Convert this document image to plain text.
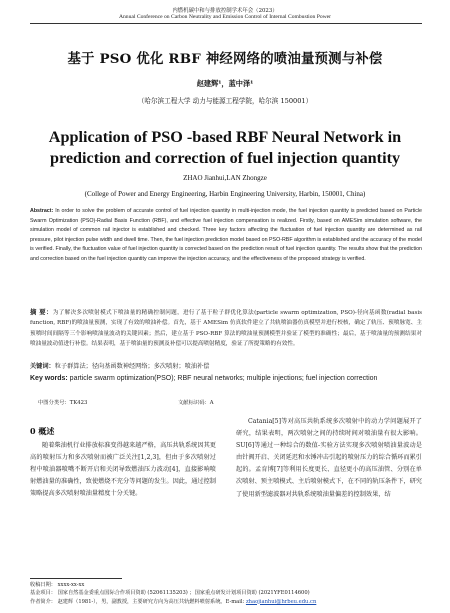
内燃机碳中和与排放控制学术年会（2023）
Annual Conference on Carbon Neutrality and Emission Control of Internal Combustion Power
基于 PSO 优化 RBF 神经网络的喷油量预测与补偿
赵建辉¹，蓝中泽¹
（哈尔滨工程大学 动力与能源工程学院，哈尔滨 150001）
Application of PSO -based RBF Neural Network in
prediction and correction of fuel injection quantity
ZHAO Jianhui,LAN Zhongze
(College of Power and Energy Engineering, Harbin Engineering University, Harbin, 150001, China)
Abstract: In order to solve the problem of accurate control of fuel injection quantity in multi-injection mode, the fuel injection quantity is predicted based on Particle Swarm Optimization (PSO)-Radial Basis Function (RBF), and effective fuel injection compensation is realized. Firstly, based on AMESim simulation software, the simulation model of common rail injector is established and checked. Three key factors affecting the fluctuation of fuel injection quantity are determined as rail pressure, pilot injection pulse width and dwell time. Then, the fuel injection prediction model based on PSO-RBF algorithm is established and the accuracy of the model is verified. Finally, the fluctuation value of fuel injection quantity is corrected based on the prediction result of fuel injection quantity. The results show that the prediction and correction based on the fuel injection quantity can improve the injection accuracy, and the effectiveness of the proposed strategy is verified.
摘 要：为了解决多次喷射模式下喷油量的精确控制问题，进行了基于粒子群优化算法(particle swarm optimization, PSO)-径向基函数(radial basis function, RBF)的喷油量预测，实现了有效的喷油补偿。首先，基于 AMESim 仿真软件建立了共轨喷油器仿真模型并进行校核，确定了轨压、预喷脉宽、主预喷时间间隔等三个影响喷油量波动的关键因素；然后，建立基于 PSO-RBF 算法的喷油量预测模型并验证了模型的准确性；最后，基于喷油量的预测结果对喷油量波动值进行补偿。结果表明，基于喷油量的预测及补偿可以提高喷射精度，验证了所提策略的有效性。
关键词：粒子群算法；径向基函数神经网络；多次喷射；喷油补偿
Key words: particle swarm optimization(PSO); RBF neural networks; multiple injections; fuel injection correction
中图分类号：TK423	文献标识码：A
0 概述
随着柴油机行业排放标准变得越来越严格，高压共轨系统因其更高的喷射压力和多次喷射而被广泛关注[1,2,3]，但由于多次喷射过程中喷油器喷嘴不断开启和关闭导致燃油压力波动[4]，直接影响喷射燃油量的准确性，致使燃烧不充分等问题的发生。因此，通过控制策略提高多次喷射喷油量精度十分关键。
Catania[5]等对高压共轨系统多次喷射中的动力学问题展开了研究，结果表明，两次喷射之间的持续时间对喷油量有很大影响。SU[6]等通过一种综合的数值-实验方法实现多次喷射喷油量波动是由针阀开启、关闭延迟和水锤冲击引起的喷射压力的综合循环而累引起的。孟育博[7]等利用长度更长、直径更小的高压油管、分别在单次喷射、预主喷模式、主后喷射模式下，在不同的轨压条件下，研究了使用新型滤波器对共轨系统喷油量偏差的控制效果，结
收稿日期： xxxx-xx-xx
基金项目： 国家自然基金委重点国际合作项目资助 (52061135203) ；国家重点研发计划项目资助 (2021YFE0114600)
作者简介： 赵建辉（1981-），男，副教授，主要研究方向为高压共轨燃料喷射系统。E-mail: zhaojianhui@hrbeu.edu.cn
